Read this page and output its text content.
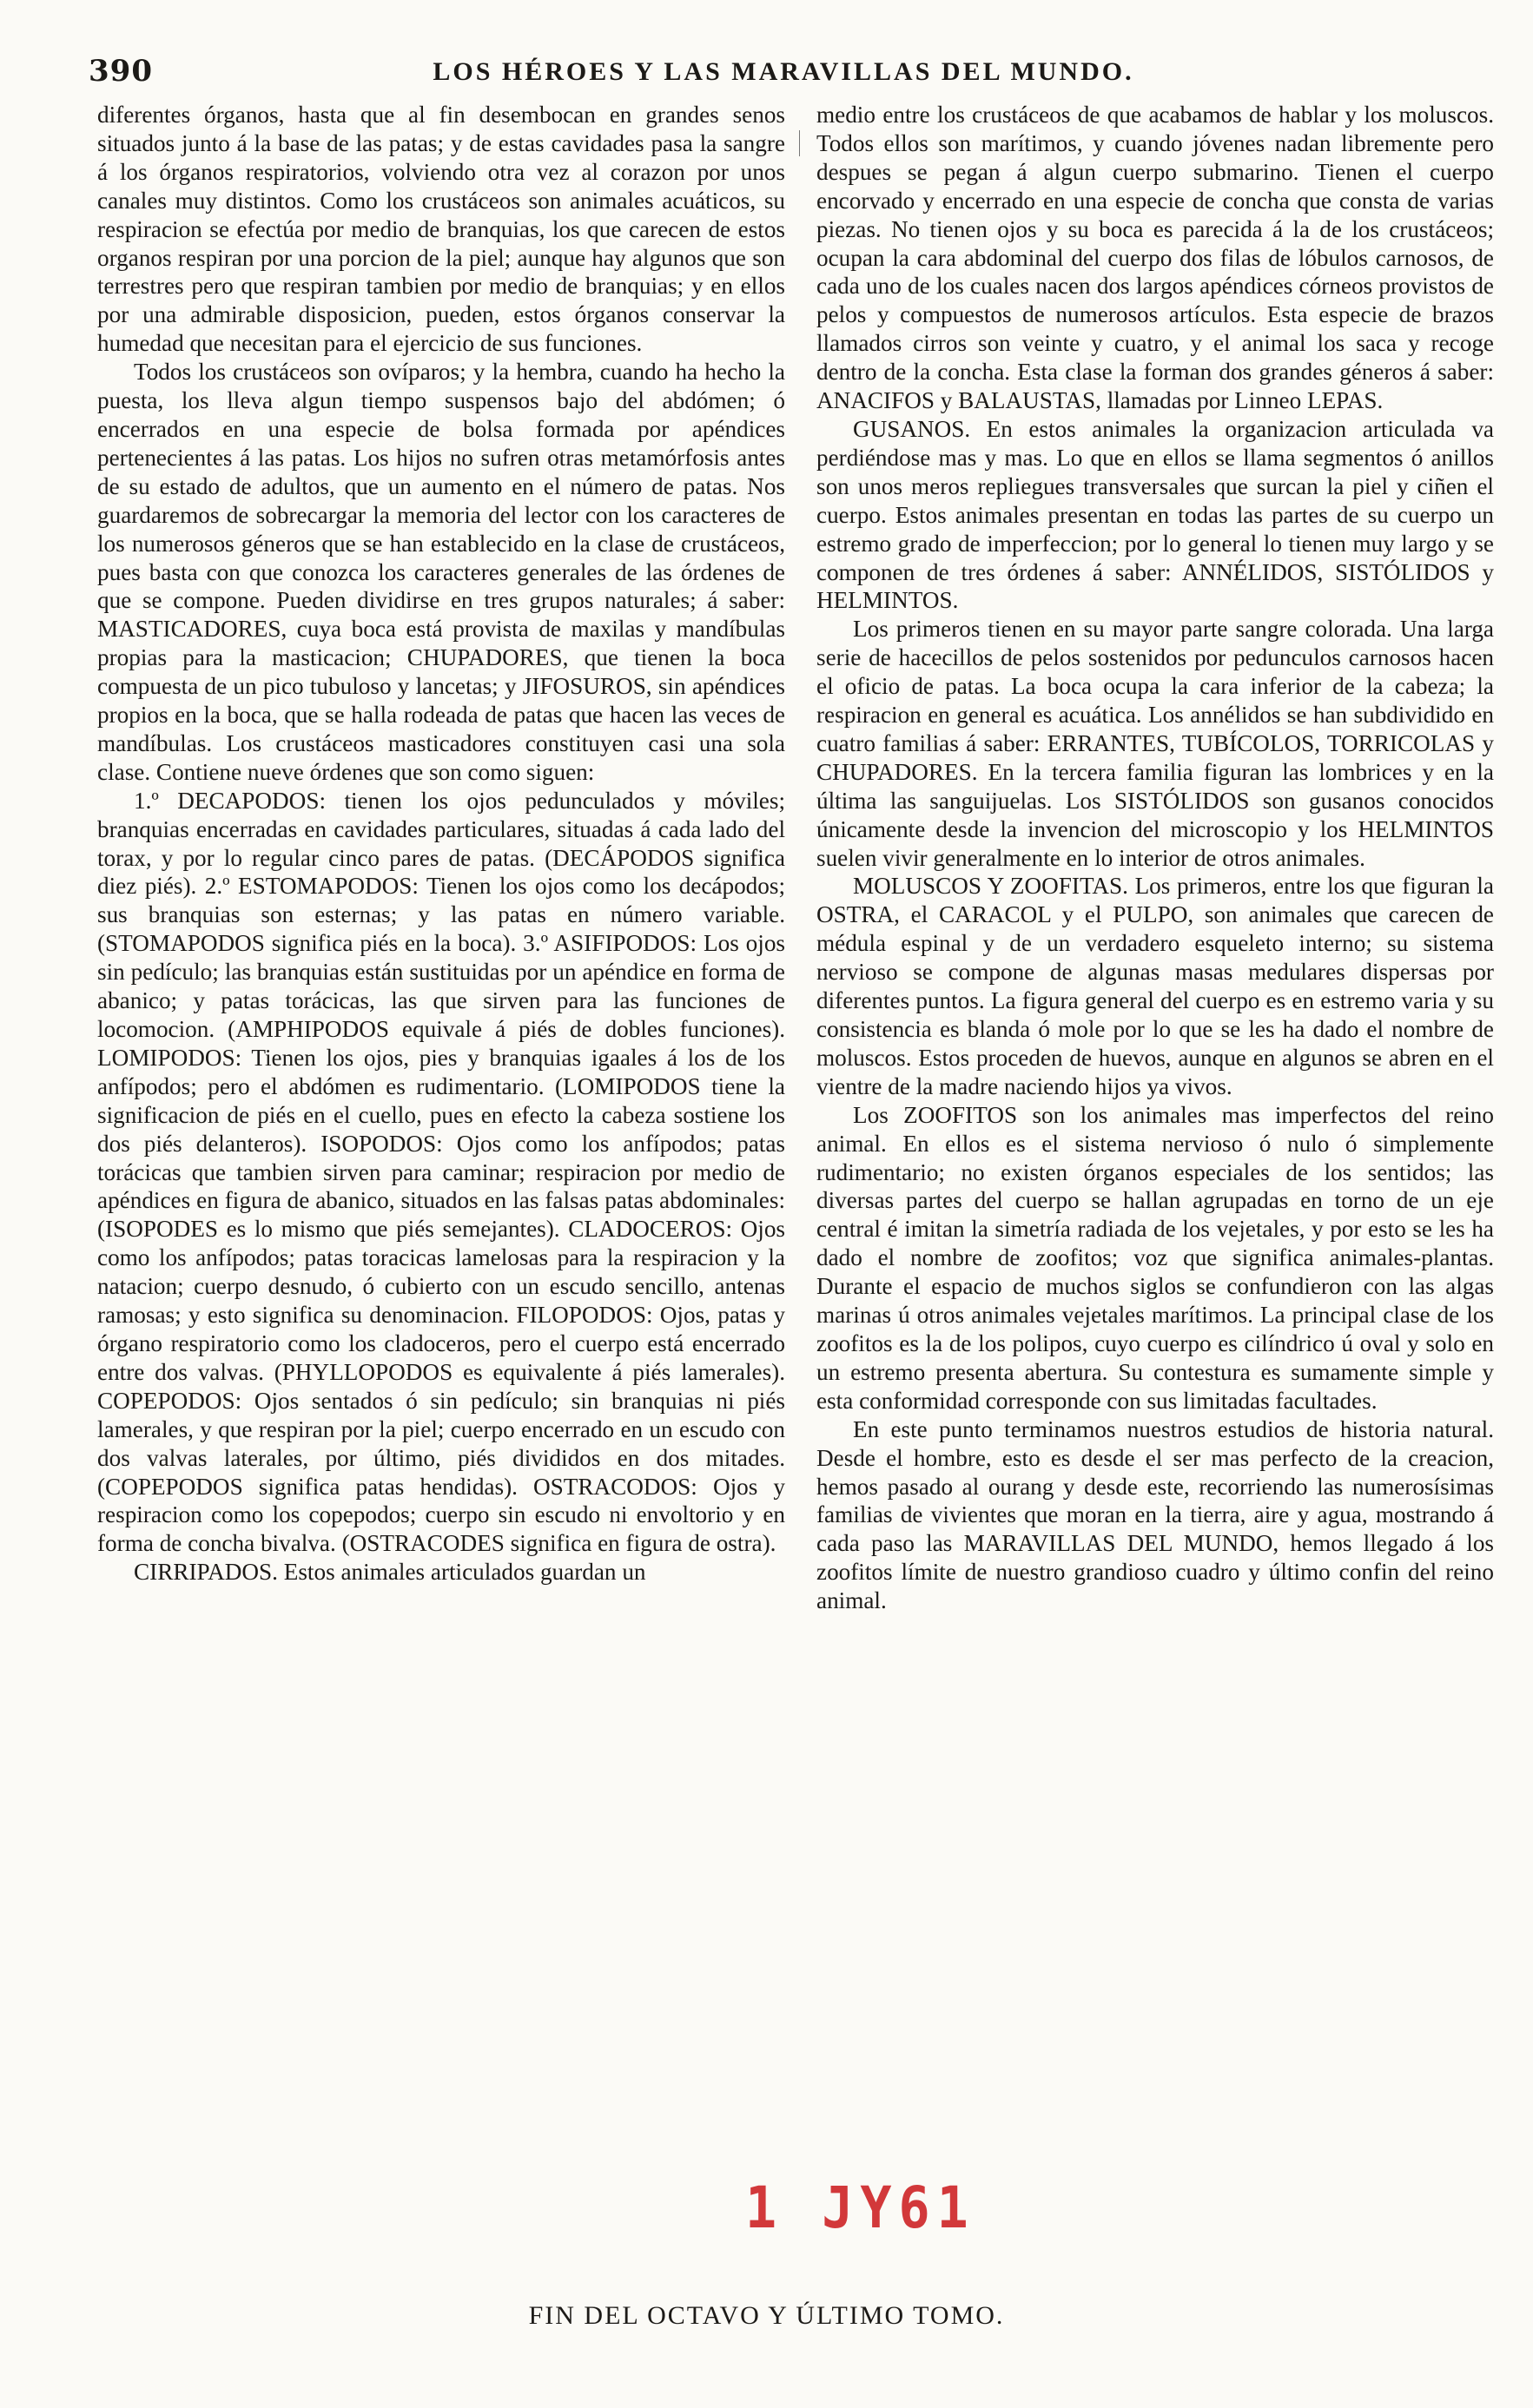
390	LOS HÉROES Y LAS MARAVILLAS DEL MUNDO.

diferentes órganos, hasta que al fin desembocan en grandes senos situados junto á la base de las patas; y de estas cavidades pasa la sangre á los órganos respiratorios, volviendo otra vez al corazon por unos canales muy distintos. Como los crustáceos son animales acuáticos, su respiracion se efectúa por medio de branquias, los que carecen de estos organos respiran por una porcion de la piel; aunque hay algunos que son terrestres pero que respiran tambien por medio de branquias; y en ellos por una admirable disposicion, pueden, estos órganos conservar la humedad que necesitan para el ejercicio de sus funciones.

Todos los crustáceos son ovíparos; y la hembra, cuando ha hecho la puesta, los lleva algun tiempo suspensos bajo del abdómen; ó encerrados en una especie de bolsa formada por apéndices pertenecientes á las patas. Los hijos no sufren otras metamórfosis antes de su estado de adultos, que un aumento en el número de patas. Nos guardaremos de sobrecargar la memoria del lector con los caracteres de los numerosos géneros que se han establecido en la clase de crustáceos, pues basta con que conozca los caracteres generales de las órdenes de que se compone. Pueden dividirse en tres grupos naturales; á saber: MASTICADORES, cuya boca está provista de maxilas y mandíbulas propias para la masticacion; CHUPADORES, que tienen la boca compuesta de un pico tubuloso y lancetas; y JIFOSUROS, sin apéndices propios en la boca, que se halla rodeada de patas que hacen las veces de mandíbulas. Los crustáceos masticadores constituyen casi una sola clase. Contiene nueve órdenes que son como siguen:

1.º DECAPODOS: tienen los ojos pedunculados y móviles; branquias encerradas en cavidades particulares, situadas á cada lado del torax, y por lo regular cinco pares de patas. (DECÁPODOS significa diez piés). 2.º ESTOMAPODOS: Tienen los ojos como los decápodos; sus branquias son esternas; y las patas en número variable. (STOMAPODOS significa piés en la boca). 3.º ASIFIPODOS: Los ojos sin pedículo; las branquias están sustituidas por un apéndice en forma de abanico; y patas torácicas, las que sirven para las funciones de locomocion. (AMPHIPODOS equivale á piés de dobles funciones). LOMIPODOS: Tienen los ojos, pies y branquias igaales á los de los anfípodos; pero el abdómen es rudimentario. (LOMIPODOS tiene la significacion de piés en el cuello, pues en efecto la cabeza sostiene los dos piés delanteros). ISOPODOS: Ojos como los anfípodos; patas torácicas que tambien sirven para caminar; respiracion por medio de apéndices en figura de abanico, situados en las falsas patas abdominales: (ISOPODES es lo mismo que piés semejantes). CLADOCEROS: Ojos como los anfípodos; patas toracicas lamelosas para la respiracion y la natacion; cuerpo desnudo, ó cubierto con un escudo sencillo, antenas ramosas; y esto significa su denominacion. FILOPODOS: Ojos, patas y órgano respiratorio como los cladoceros, pero el cuerpo está encerrado entre dos valvas. (PHYLLOPODOS es equivalente á piés lamerales). COPEPODOS: Ojos sentados ó sin pedículo; sin branquias ni piés lamerales, y que respiran por la piel; cuerpo encerrado en un escudo con dos valvas laterales, por último, piés divididos en dos mitades. (COPEPODOS significa patas hendidas). OSTRACODOS: Ojos y respiracion como los copepodos; cuerpo sin escudo ni envoltorio y en forma de concha bivalva. (OSTRACODES significa en figura de ostra).

CIRRIPADOS. Estos animales articulados guardan un

medio entre los crustáceos de que acabamos de hablar y los moluscos. Todos ellos son marítimos, y cuando jóvenes nadan libremente pero despues se pegan á algun cuerpo submarino. Tienen el cuerpo encorvado y encerrado en una especie de concha que consta de varias piezas. No tienen ojos y su boca es parecida á la de los crustáceos; ocupan la cara abdominal del cuerpo dos filas de lóbulos carnosos, de cada uno de los cuales nacen dos largos apéndices córneos provistos de pelos y compuestos de numerosos artículos. Esta especie de brazos llamados cirros son veinte y cuatro, y el animal los saca y recoge dentro de la concha. Esta clase la forman dos grandes géneros á saber: ANACIFOS y BALAUSTAS, llamadas por Linneo LEPAS.

GUSANOS. En estos animales la organizacion articulada va perdiéndose mas y mas. Lo que en ellos se llama segmentos ó anillos son unos meros repliegues transversales que surcan la piel y ciñen el cuerpo. Estos animales presentan en todas las partes de su cuerpo un estremo grado de imperfeccion; por lo general lo tienen muy largo y se componen de tres órdenes á saber: ANNÉLIDOS, SISTÓLIDOS y HELMINTOS.

Los primeros tienen en su mayor parte sangre colorada. Una larga serie de hacecillos de pelos sostenidos por pedunculos carnosos hacen el oficio de patas. La boca ocupa la cara inferior de la cabeza; la respiracion en general es acuática. Los annélidos se han subdividido en cuatro familias á saber: ERRANTES, TUBÍCOLOS, TORRICOLAS y CHUPADORES. En la tercera familia figuran las lombrices y en la última las sanguijuelas. Los SISTÓLIDOS son gusanos conocidos únicamente desde la invencion del microscopio y los HELMINTOS suelen vivir generalmente en lo interior de otros animales.

MOLUSCOS Y ZOOFITAS. Los primeros, entre los que figuran la OSTRA, el CARACOL y el PULPO, son animales que carecen de médula espinal y de un verdadero esqueleto interno; su sistema nervioso se compone de algunas masas medulares dispersas por diferentes puntos. La figura general del cuerpo es en estremo varia y su consistencia es blanda ó mole por lo que se les ha dado el nombre de moluscos. Estos proceden de huevos, aunque en algunos se abren en el vientre de la madre naciendo hijos ya vivos.

Los ZOOFITOS son los animales mas imperfectos del reino animal. En ellos es el sistema nervioso ó nulo ó simplemente rudimentario; no existen órganos especiales de los sentidos; las diversas partes del cuerpo se hallan agrupadas en torno de un eje central é imitan la simetría radiada de los vejetales, y por esto se les ha dado el nombre de zoofitos; voz que significa animales-plantas. Durante el espacio de muchos siglos se confundieron con las algas marinas ú otros animales vejetales marítimos. La principal clase de los zoofitos es la de los polipos, cuyo cuerpo es cilíndrico ú oval y solo en un estremo presenta abertura. Su contestura es sumamente simple y esta conformidad corresponde con sus limitadas facultades.

En este punto terminamos nuestros estudios de historia natural. Desde el hombre, esto es desde el ser mas perfecto de la creacion, hemos pasado al ourang y desde este, recorriendo las numerosísimas familias de vivientes que moran en la tierra, aire y agua, mostrando á cada paso las MARAVILLAS DEL MUNDO, hemos llegado á los zoofitos límite de nuestro grandioso cuadro y último confin del reino animal.

1 JY61
FIN DEL OCTAVO Y ÚLTIMO TOMO.
